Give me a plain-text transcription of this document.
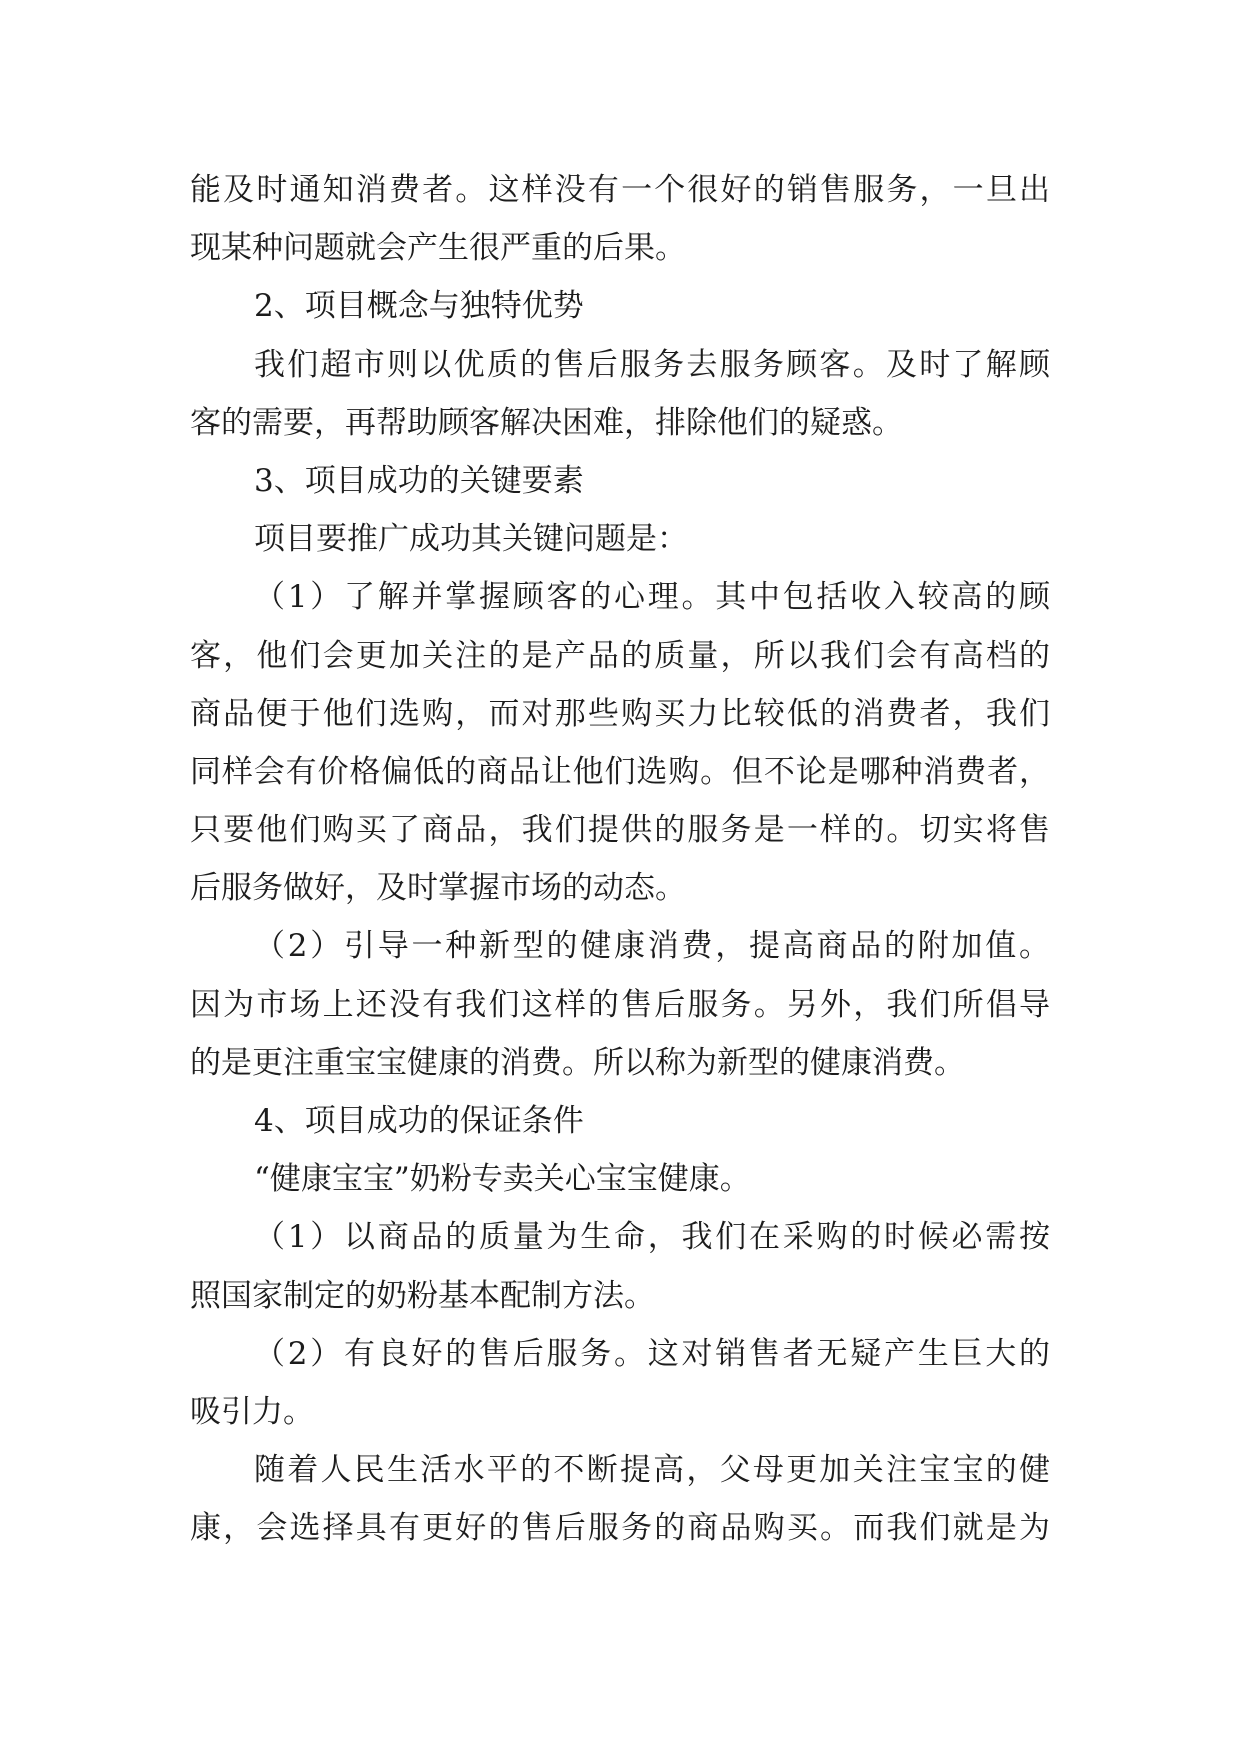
能及时通知消费者。这样没有一个很好的销售服务，一旦出
现某种问题就会产生很严重的后果。
2、项目概念与独特优势
我们超市则以优质的售后服务去服务顾客。及时了解顾
客的需要，再帮助顾客解决困难，排除他们的疑惑。
3、项目成功的关键要素
项目要推广成功其关键问题是：
（1）了解并掌握顾客的心理。其中包括收入较高的顾
客，他们会更加关注的是产品的质量，所以我们会有高档的
商品便于他们选购，而对那些购买力比较低的消费者，我们
同样会有价格偏低的商品让他们选购。但不论是哪种消费者，
只要他们购买了商品，我们提供的服务是一样的。切实将售
后服务做好，及时掌握市场的动态。
（2）引导一种新型的健康消费，提高商品的附加值。
因为市场上还没有我们这样的售后服务。另外，我们所倡导
的是更注重宝宝健康的消费。所以称为新型的健康消费。
4、项目成功的保证条件
“健康宝宝”奶粉专卖关心宝宝健康。
（1）以商品的质量为生命，我们在采购的时候必需按
照国家制定的奶粉基本配制方法。
（2）有良好的售后服务。这对销售者无疑产生巨大的
吸引力。
随着人民生活水平的不断提高，父母更加关注宝宝的健
康，会选择具有更好的售后服务的商品购买。而我们就是为
